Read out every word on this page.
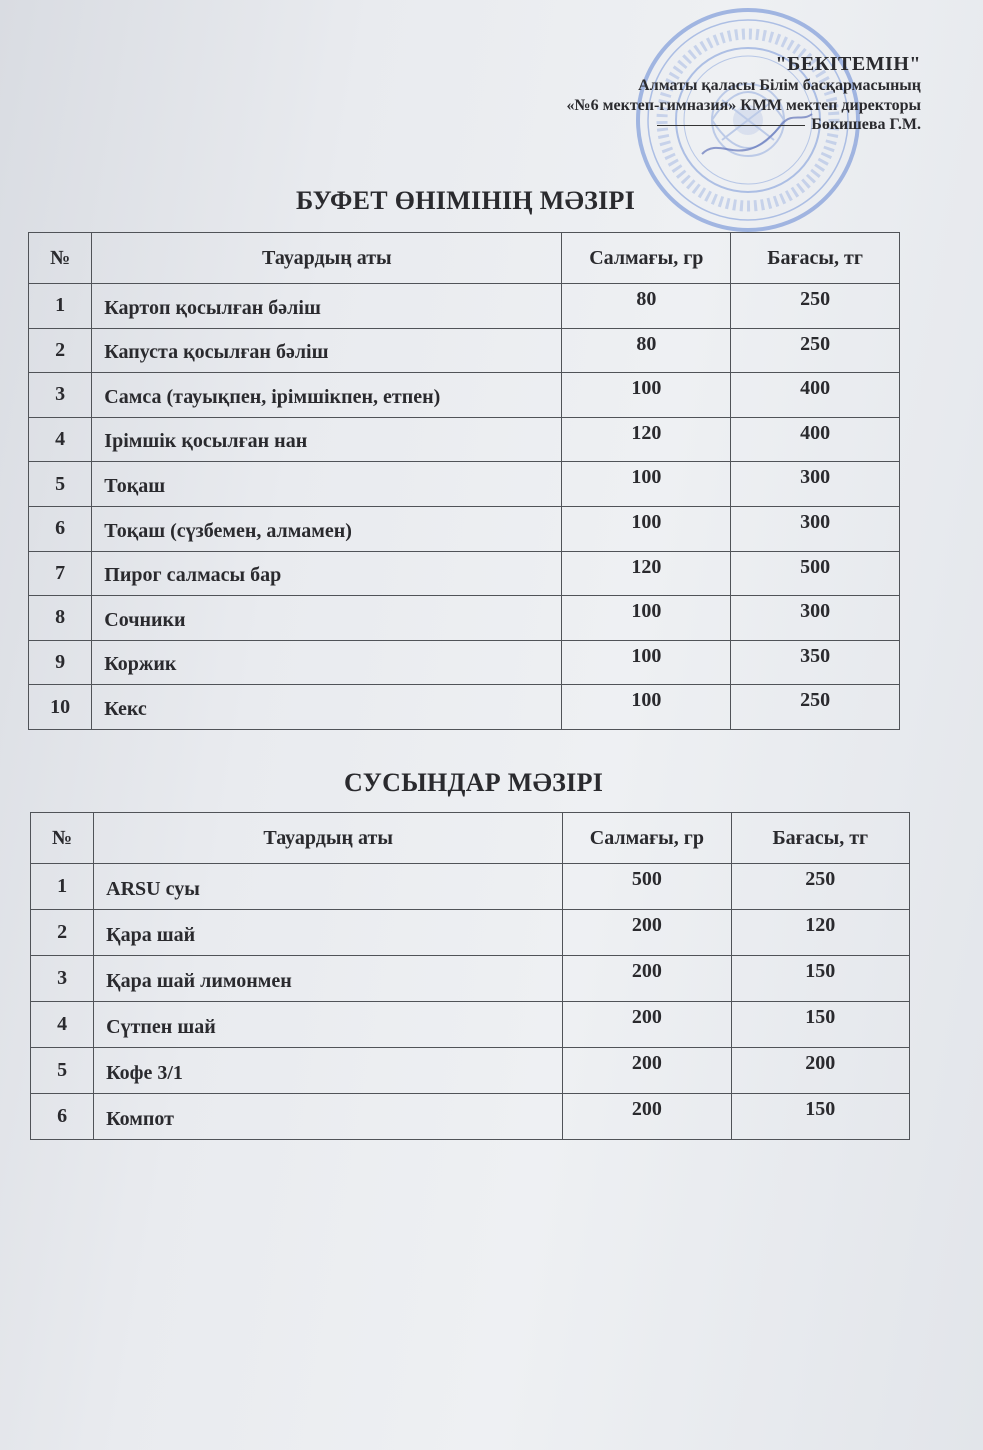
"БЕКІТЕМІН"
Алматы қаласы Білім басқармасының
«№6 мектеп-гимназия» КММ мектеп директоры
Бөкишева Г.М.
БУФЕТ ӨНІМІНІҢ МӘЗІРІ
№	Тауардың аты	Салмағы, гр	Бағасы, тг
1	Картоп қосылған бәліш	80	250
2	Капуста қосылған бәліш	80	250
3	Самса (тауықпен, ірімшікпен, етпен)	100	400
4	Ірімшік қосылған нан	120	400
5	Тоқаш	100	300
6	Тоқаш (сүзбемен, алмамен)	100	300
7	Пирог салмасы бар	120	500
8	Сочники	100	300
9	Коржик	100	350
10	Кекс	100	250
СУСЫНДАР МӘЗІРІ
№	Тауардың аты	Салмағы, гр	Бағасы, тг
1	ARSU суы	500	250
2	Қара шай	200	120
3	Қара шай лимонмен	200	150
4	Сүтпен шай	200	150
5	Кофе 3/1	200	200
6	Компот	200	150
